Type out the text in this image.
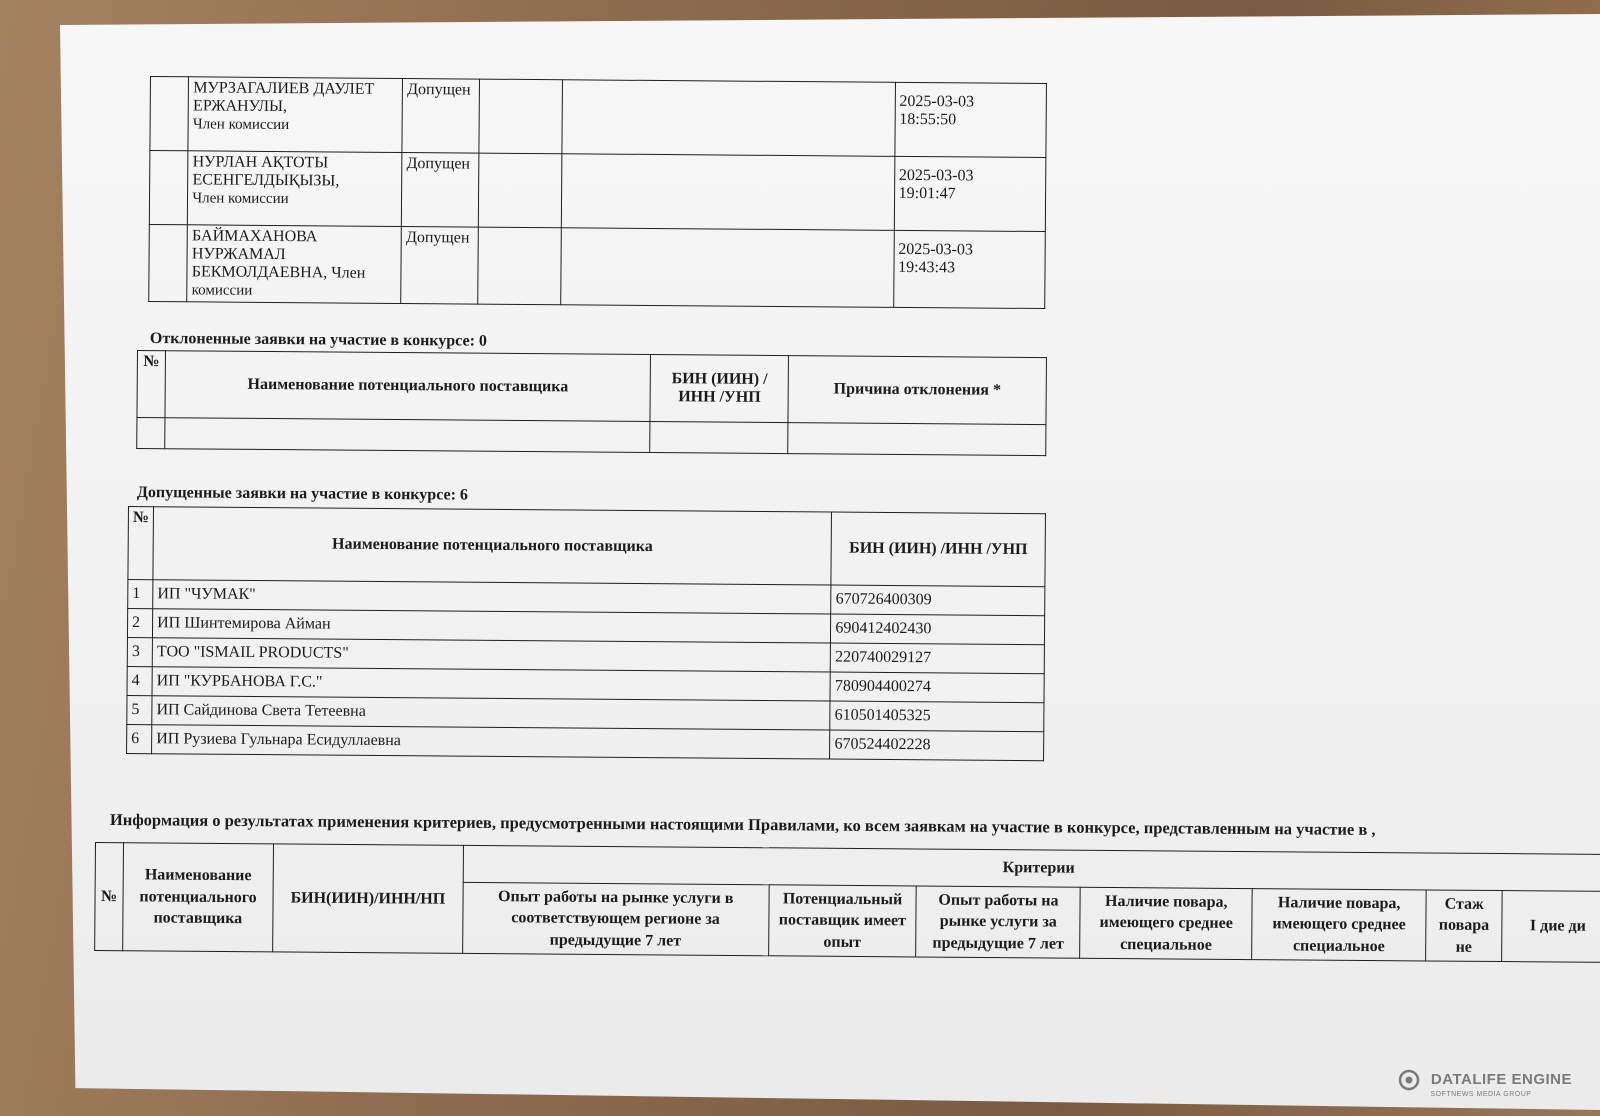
	МУРЗАГАЛИЕВ ДАУЛЕТ ЕРЖАНУЛЫ,
Член комиссии	Допущен			2025-03-03
18:55:50
	НУРЛАН АҚТОТЫ ЕСЕНГЕЛДЫҚЫЗЫ,
Член комиссии	Допущен			2025-03-03
19:01:47
	БАЙМАХАНОВА НУРЖАМАЛ БЕКМОЛДАЕВНА, Член
комиссии	Допущен			2025-03-03
19:43:43
Отклоненные заявки на участие в конкурсе: 0
№	Наименование потенциального поставщика	БИН (ИИН) /ИНН /УНП	Причина отклонения *

Допущенные заявки на участие в конкурсе: 6
№	Наименование потенциального поставщика	БИН (ИИН) /ИНН /УНП
1	ИП "ЧУМАК"	670726400309
2	ИП Шинтемирова Айман	690412402430
3	ТОО "ISMAIL PRODUCTS"	220740029127
4	ИП "КУРБАНОВА Г.С."	780904400274
5	ИП Сайдинова Света Тетеевна	610501405325
6	ИП Рузиева Гульнара Есидуллаевна	670524402228
Информация о результатах применения критериев, предусмотренными настоящими Правилами, ко всем заявкам на участие в конкурсе, представленным на участие в ,
№	Наименование потенциального поставщика	БИН(ИИН)/ИНН/НП	Критерии						
			Опыт работы на рынке услуги в соответствующем регионе за предыдущие 7 лет	Потенциальный поставщик имеет опыт	Опыт работы на рынке услуги за предыдущие 7 лет	Наличие повара, имеющего среднее специальное	Наличие повара, имеющего среднее специальное	Стаж повара не	I дие ди
DATALIFE ENGINE
SOFTNEWS MEDIA GROUP
